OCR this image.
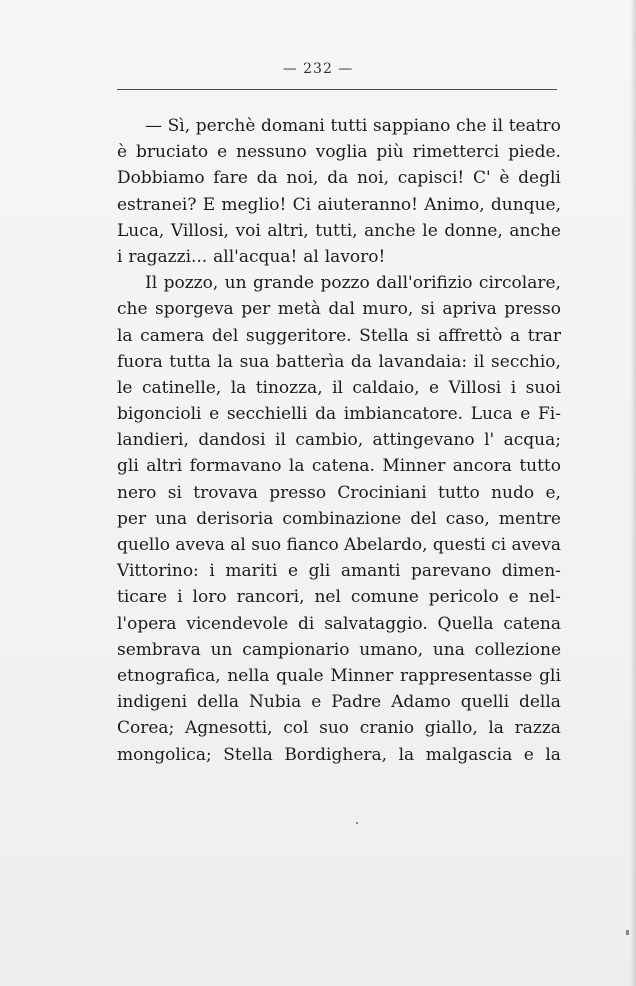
— 232 —
— Sì, perchè domani tutti sappiano che il teatro
è bruciato e nessuno voglia più rimetterci piede.
Dobbiamo fare da noi, da noi, capisci! C' è degli
estranei? E meglio! Ci aiuteranno! Animo, dunque,
Luca, Villosi, voi altri, tutti, anche le donne, anche
i ragazzi... all'acqua! al lavoro!
Il pozzo, un grande pozzo dall'orifizio circolare,
che sporgeva per metà dal muro, si apriva presso
la camera del suggeritore. Stella si affrettò a trar
fuora tutta la sua batterìa da lavandaia: il secchio,
le catinelle, la tinozza, il caldaio, e Villosi i suoi
bigoncioli e secchielli da imbiancatore. Luca e Fi-
landieri, dandosi il cambio, attingevano l' acqua;
gli altri formavano la catena. Minner ancora tutto
nero si trovava presso Crociniani tutto nudo e,
per una derisoria combinazione del caso, mentre
quello aveva al suo fianco Abelardo, questi ci aveva
Vittorino: i mariti e gli amanti parevano dimen-
ticare i loro rancori, nel comune pericolo e nel-
l'opera vicendevole di salvataggio. Quella catena
sembrava un campionario umano, una collezione
etnografica, nella quale Minner rappresentasse gli
indigeni della Nubia e Padre Adamo quelli della
Corea; Agnesotti, col suo cranio giallo, la razza
mongolica; Stella Bordighera, la malgascia e la
